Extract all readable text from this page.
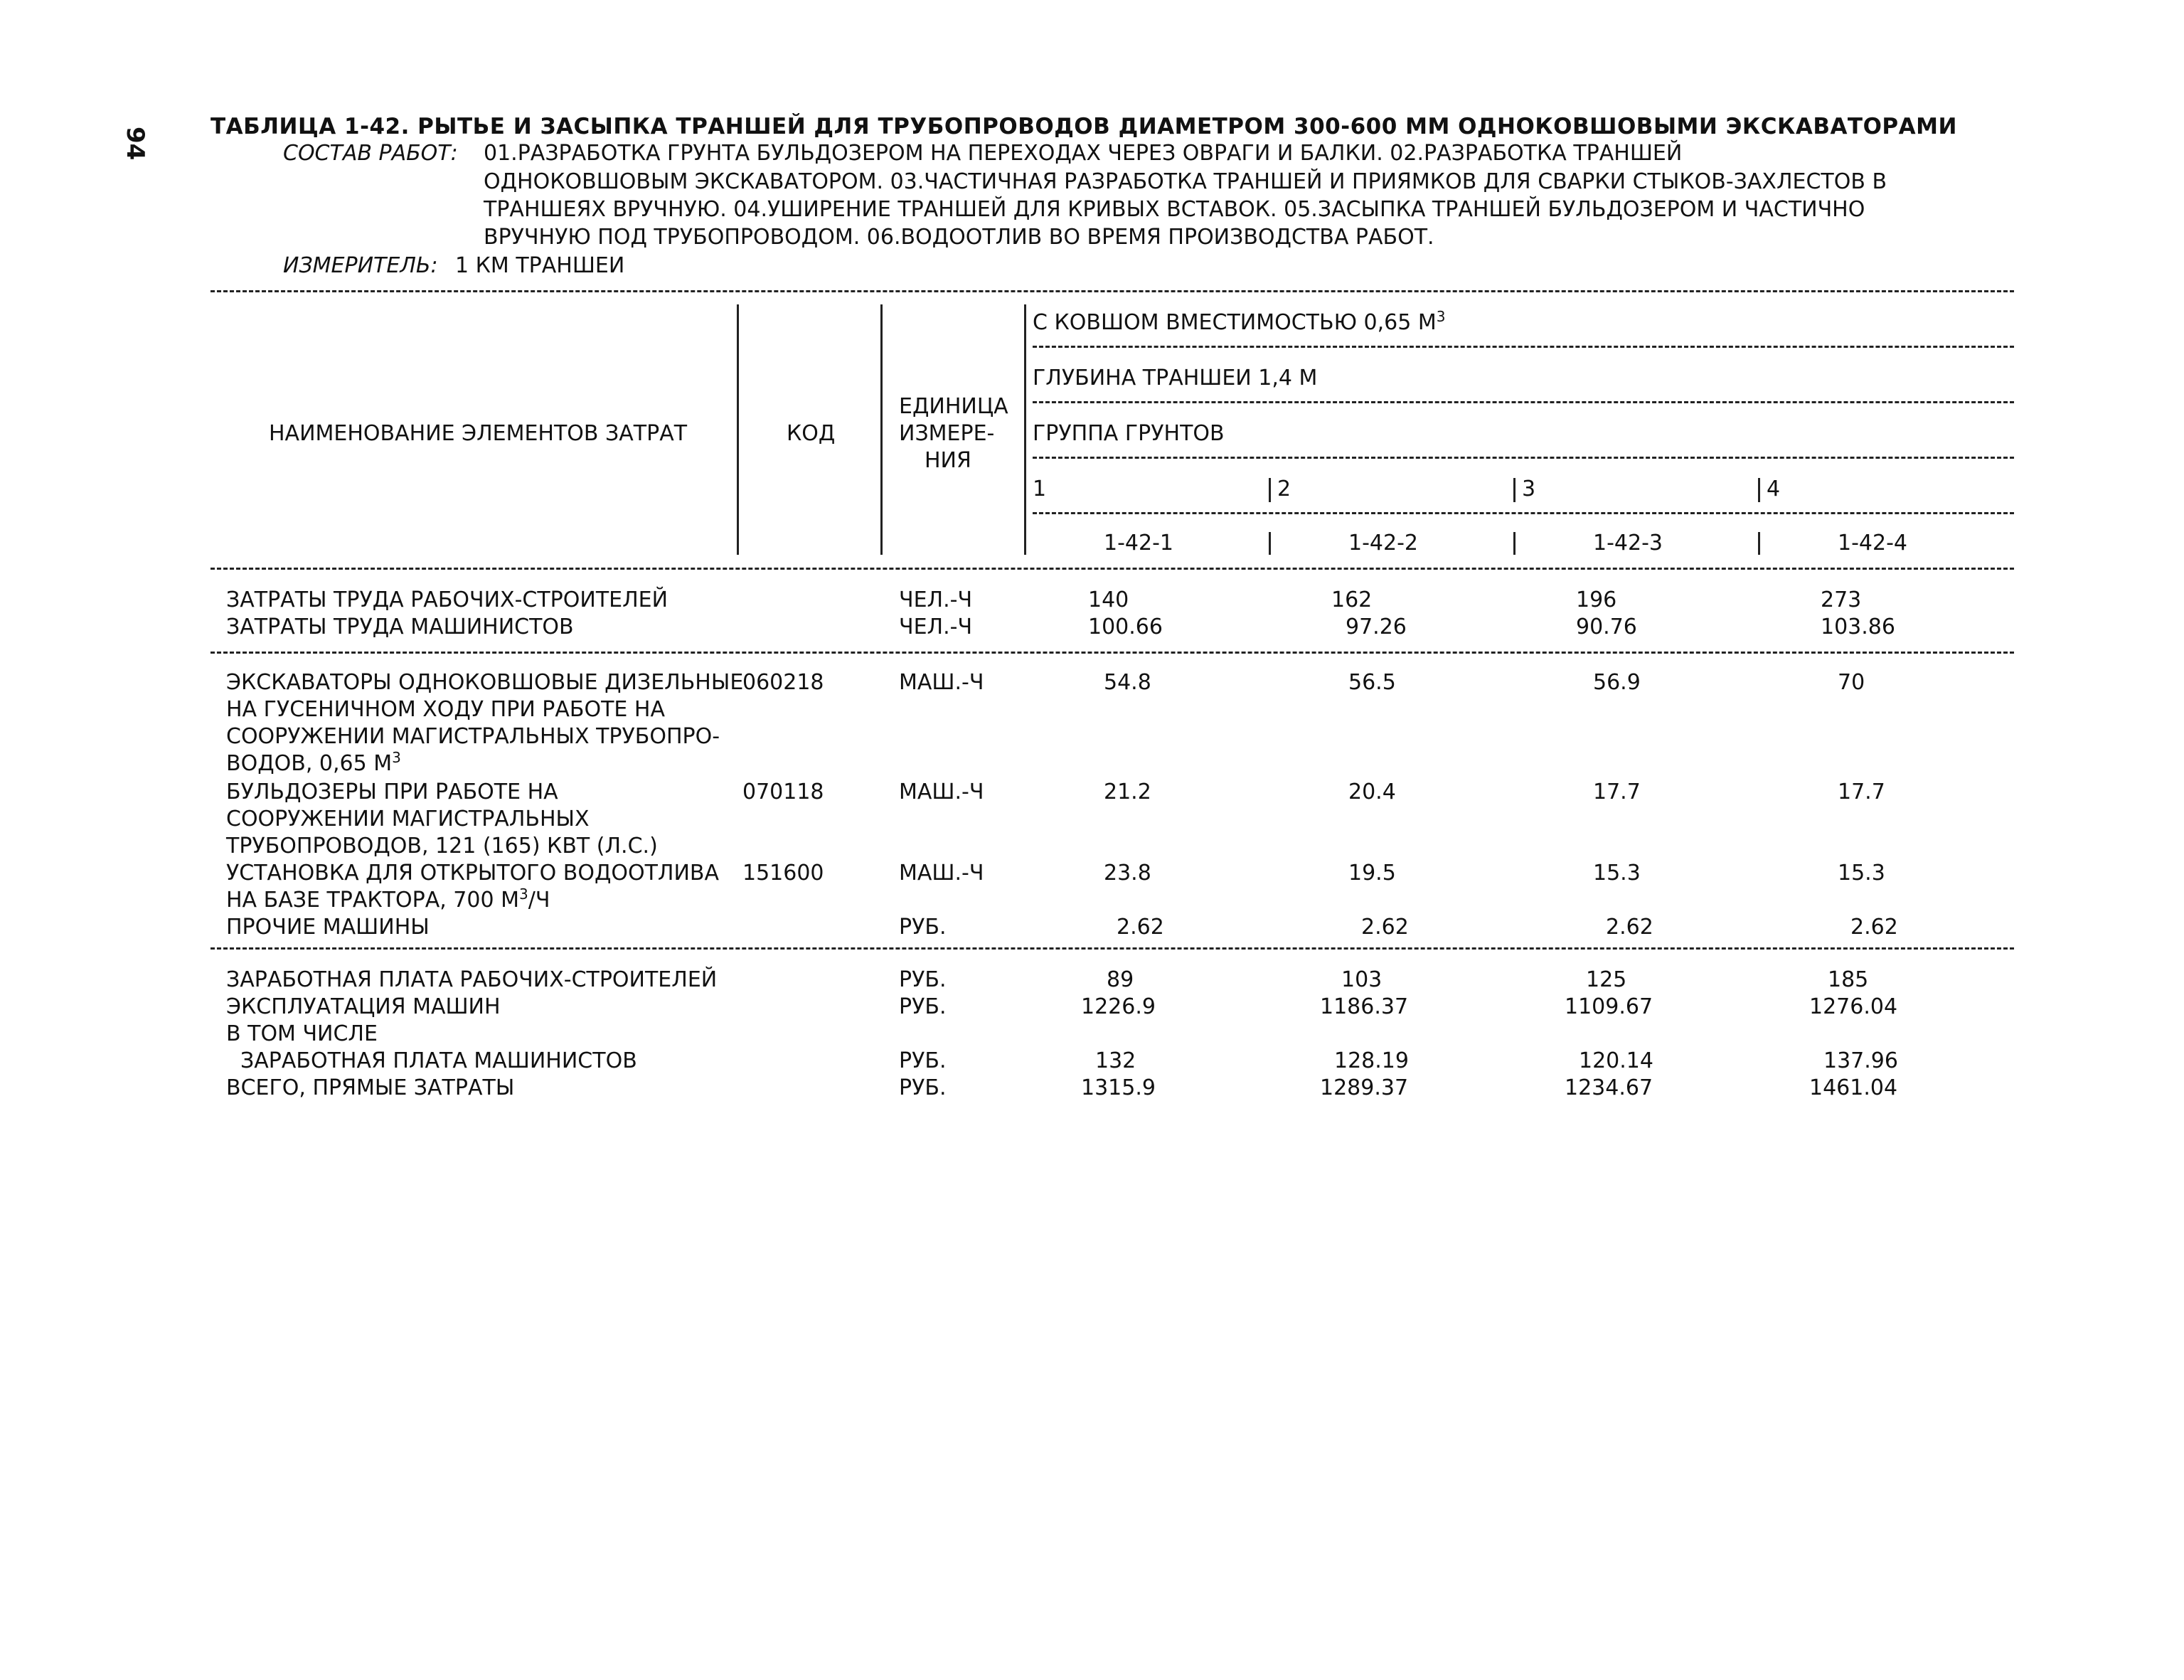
94	ТАБЛИЦА 1-42. РЫТЬЕ И ЗАСЫПКА ТРАНШЕЙ ДЛЯ ТРУБОПРОВОДОВ ДИАМЕТРОМ 300-600 ММ ОДНОКОВШОВЫМИ ЭКСКАВАТОРАМИ
СОСТАВ РАБОТ: 01.РАЗРАБОТКА ГРУНТА БУЛЬДОЗЕРОМ НА ПЕРЕХОДАХ ЧЕРЕЗ ОВРАГИ И БАЛКИ. 02.РАЗРАБОТКА ТРАНШЕЙ
ОДНОКОВШОВЫМ ЭКСКАВАТОРОМ. 03.ЧАСТИЧНАЯ РАЗРАБОТКА ТРАНШЕЙ И ПРИЯМКОВ ДЛЯ СВАРКИ СТЫКОВ-ЗАХЛЕСТОВ В
ТРАНШЕЯХ ВРУЧНУЮ. 04.УШИРЕНИЕ ТРАНШЕЙ ДЛЯ КРИВЫХ ВСТАВОК. 05.ЗАСЫПКА ТРАНШЕЙ БУЛЬДОЗЕРОМ И ЧАСТИЧНО
ВРУЧНУЮ ПОД ТРУБОПРОВОДОМ. 06.ВОДООТЛИВ ВО ВРЕМЯ ПРОИЗВОДСТВА РАБОТ.
ИЗМЕРИТЕЛЬ: 1 КМ ТРАНШЕИ
НАИМЕНОВАНИЕ ЭЛЕМЕНТОВ ЗАТРАТ	КОД
ЕДИНИЦА
ИЗМЕРЕ-
НИЯ
С КОВШОМ ВМЕСТИМОСТЬЮ 0,65 $М^3$
ГЛУБИНА ТРАНШЕИ 1,4 М
ГРУППА ГРУНТОВ
1	2	3	4
1-42-1	1-42-2	1-42-3	1-42-4
ЗАТРАТЫ ТРУДА РАБОЧИХ-СТРОИТЕЛЕЙ	ЧЕЛ.-Ч	140	162	196	273
ЗАТРАТЫ ТРУДА МАШИНИСТОВ	ЧЕЛ.-Ч	100.66	97.26	90.76	103.86
ЭКСКАВАТОРЫ ОДНОКОВШОВЫЕ ДИЗЕЛЬНЫЕ
НА ГУСЕНИЧНОМ ХОДУ ПРИ РАБОТЕ НА
СООРУЖЕНИИ МАГИСТРАЛЬНЫХ ТРУБОПРО-
ВОДОВ, 0,65 $М^3$
060218	МАШ.-Ч	54.8	56.5	56.9	70
БУЛЬДОЗЕРЫ ПРИ РАБОТЕ НА
СООРУЖЕНИИ МАГИСТРАЛЬНЫХ
ТРУБОПРОВОДОВ, 121 (165) КВТ (Л.С.)
070118	МАШ.-Ч	21.2	20.4	17.7	17.7
УСТАНОВКА ДЛЯ ОТКРЫТОГО ВОДООТЛИВА
НА БАЗЕ ТРАКТОРА, 700 $М^3/Ч$
151600	МАШ.-Ч	23.8	19.5	15.3	15.3
ПРОЧИЕ МАШИНЫ	РУБ.	2.62	2.62	2.62	2.62
ЗАРАБОТНАЯ ПЛАТА РАБОЧИХ-СТРОИТЕЛЕЙ	РУБ.	89	103	125	185
ЭКСПЛУАТАЦИЯ МАШИН	РУБ.	1226.9	1186.37	1109.67	1276.04
В ТОМ ЧИСЛЕ
ЗАРАБОТНАЯ ПЛАТА МАШИНИСТОВ	РУБ.	132	128.19	120.14	137.96
ВСЕГО, ПРЯМЫЕ ЗАТРАТЫ	РУБ.	1315.9	1289.37	1234.67	1461.04
